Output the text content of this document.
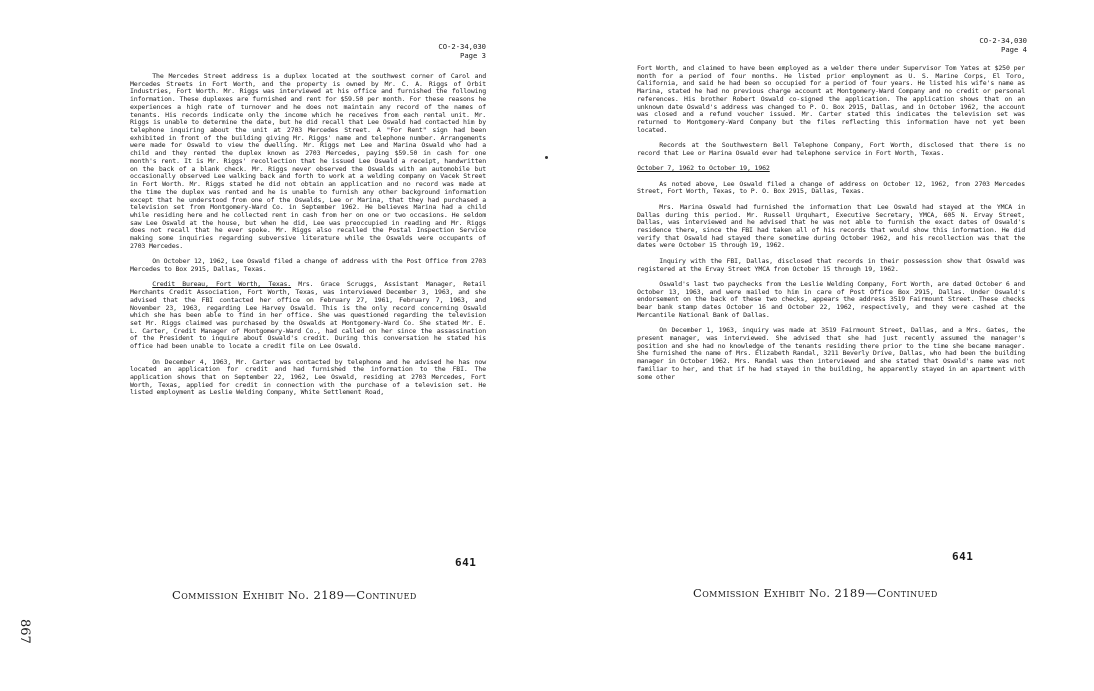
CO-2-34,030
Page 3

The Mercedes Street address is a duplex located at the southwest corner of Carol and Mercedes Streets in Fort Worth, and the property is owned by Mr. C. A. Riggs of Orbit Industries, Fort Worth. Mr. Riggs was interviewed at his office and furnished the following information. These duplexes are furnished and rent for $59.50 per month. For these reasons he experiences a high rate of turnover and he does not maintain any record of the names of tenants. His records indicate only the income which he receives from each rental unit. Mr. Riggs is unable to determine the date, but he did recall that Lee Oswald had contacted him by telephone inquiring about the unit at 2703 Mercedes Street. A "For Rent" sign had been exhibited in front of the building giving Mr. Riggs' name and telephone number. Arrangements were made for Oswald to view the dwelling. Mr. Riggs met Lee and Marina Oswald who had a child and they rented the duplex known as 2703 Mercedes, paying $59.50 in cash for one month's rent. It is Mr. Riggs' recollection that he issued Lee Oswald a receipt, handwritten on the back of a blank check. Mr. Riggs never observed the Oswalds with an automobile but occasionally observed Lee walking back and forth to work at a welding company on Vacek Street in Fort Worth. Mr. Riggs stated he did not obtain an application and no record was made at the time the duplex was rented and he is unable to furnish any other background information except that he understood from one of the Oswalds, Lee or Marina, that they had purchased a television set from Montgomery-Ward Co. in September 1962. He believes Marina had a child while residing here and he collected rent in cash from her on one or two occasions. He seldom saw Lee Oswald at the house, but when he did, Lee was preoccupied in reading and Mr. Riggs does not recall that he ever spoke. Mr. Riggs also recalled the Postal Inspection Service making some inquiries regarding subversive literature while the Oswalds were occupants of 2703 Mercedes.

On October 12, 1962, Lee Oswald filed a change of address with the Post Office from 2703 Mercedes to Box 2915, Dallas, Texas.

Credit Bureau, Fort Worth, Texas. Mrs. Grace Scruggs, Assistant Manager, Retail Merchants Credit Association, Fort Worth, Texas, was interviewed December 3, 1963, and she advised that the FBI contacted her office on February 27, 1961, February 7, 1963, and November 23, 1963, regarding Lee Harvey Oswald. This is the only record concerning Oswald which she has been able to find in her office. She was questioned regarding the television set Mr. Riggs claimed was purchased by the Oswalds at Montgomery-Ward Co. She stated Mr. E. L. Carter, Credit Manager of Montgomery-Ward Co., had called on her since the assassination of the President to inquire about Oswald's credit. During this conversation he stated his office had been unable to locate a credit file on Lee Oswald.

On December 4, 1963, Mr. Carter was contacted by telephone and he advised he has now located an application for credit and had furnished the information to the FBI. The application shows that on September 22, 1962, Lee Oswald, residing at 2703 Mercedes, Fort Worth, Texas, applied for credit in connection with the purchase of a television set. He listed employment as Leslie Welding Company, White Settlement Road,

641
Commission Exhibit No. 2189—Continued
867
CO-2-34,030
Page 4

Fort Worth, and claimed to have been employed as a welder there under Supervisor Tom Yates at $250 per month for a period of four months. He listed prior employment as U. S. Marine Corps, El Toro, California, and said he had been so occupied for a period of four years. He listed his wife's name as Marina, stated he had no previous charge account at Montgomery-Ward Company and no credit or personal references. His brother Robert Oswald co-signed the application. The application shows that on an unknown date Oswald's address was changed to P. O. Box 2915, Dallas, and in October 1962, the account was closed and a refund voucher issued. Mr. Carter stated this indicates the television set was returned to Montgomery-Ward Company but the files reflecting this information have not yet been located.

Records at the Southwestern Bell Telephone Company, Fort Worth, disclosed that there is no record that Lee or Marina Oswald ever had telephone service in Fort Worth, Texas.

October 7, 1962 to October 19, 1962

As noted above, Lee Oswald filed a change of address on October 12, 1962, from 2703 Mercedes Street, Fort Worth, Texas, to P. O. Box 2915, Dallas, Texas.

Mrs. Marina Oswald had furnished the information that Lee Oswald had stayed at the YMCA in Dallas during this period. Mr. Russell Urquhart, Executive Secretary, YMCA, 605 N. Ervay Street, Dallas, was interviewed and he advised that he was not able to furnish the exact dates of Oswald's residence there, since the FBI had taken all of his records that would show this information. He did verify that Oswald had stayed there sometime during October 1962, and his recollection was that the dates were October 15 through 19, 1962.

Inquiry with the FBI, Dallas, disclosed that records in their possession show that Oswald was registered at the Ervay Street YMCA from October 15 through 19, 1962.

Oswald's last two paychecks from the Leslie Welding Company, Fort Worth, are dated October 6 and October 13, 1963, and were mailed to him in care of Post Office Box 2915, Dallas. Under Oswald's endorsement on the back of these two checks, appears the address 3519 Fairmount Street. These checks bear bank stamp dates October 16 and October 22, 1962, respectively, and they were cashed at the Mercantile National Bank of Dallas.

On December 1, 1963, inquiry was made at 3519 Fairmount Street, Dallas, and a Mrs. Gates, the present manager, was interviewed. She advised that she had just recently assumed the manager's position and she had no knowledge of the tenants residing there prior to the time she became manager. She furnished the name of Mrs. Elizabeth Randal, 3211 Beverly Drive, Dallas, who had been the building manager in October 1962. Mrs. Randal was then interviewed and she stated that Oswald's name was not familiar to her, and that if he had stayed in the building, he apparently stayed in an apartment with some other

641
Commission Exhibit No. 2189—Continued
